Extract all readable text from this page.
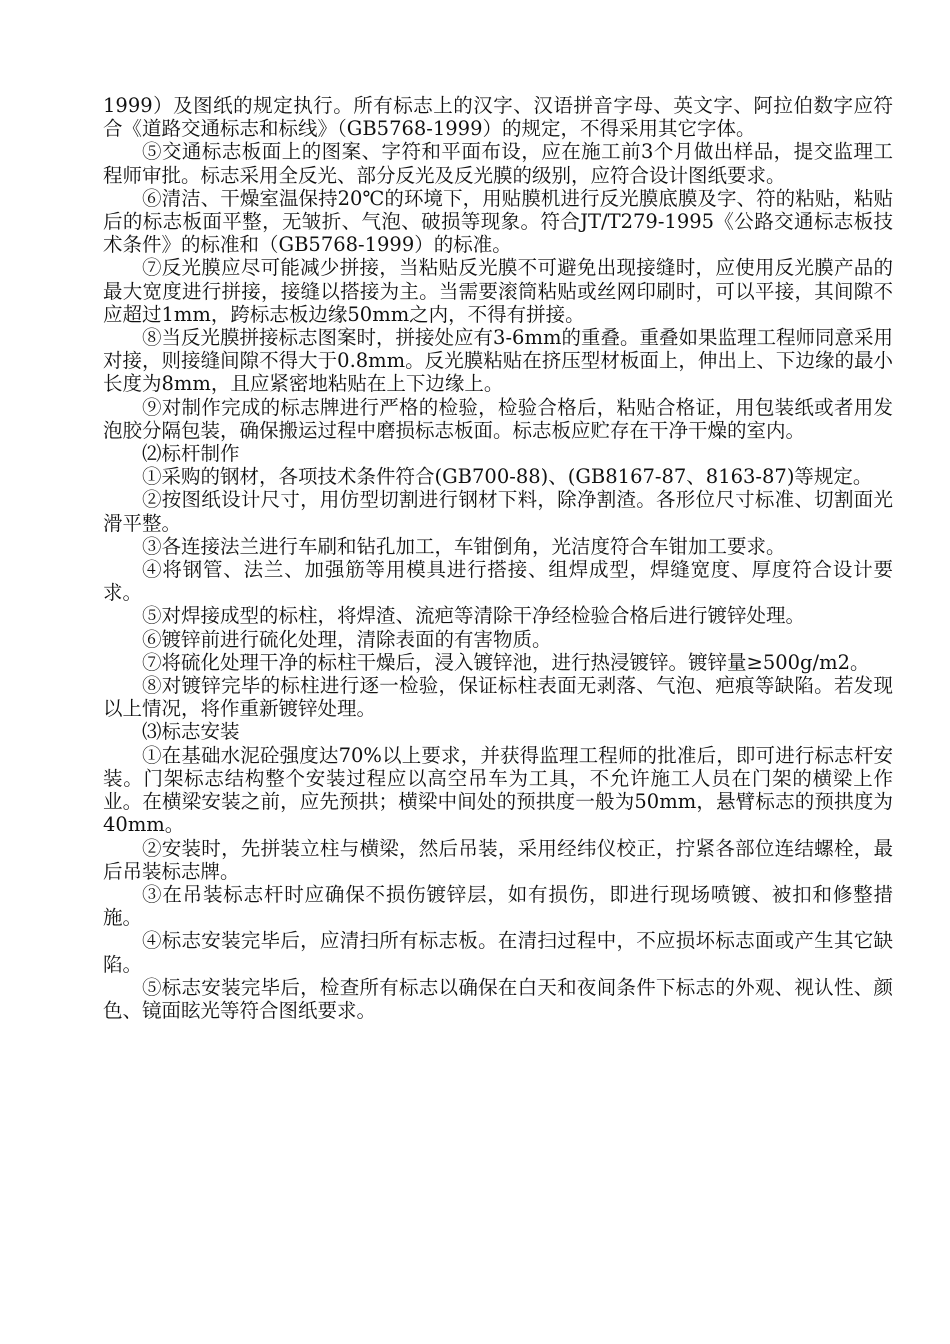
1999）及图纸的规定执行。所有标志上的汉字、汉语拼音字母、英文字、阿拉伯数字应符合《道路交通标志和标线》（GB5768-1999）的规定，不得采用其它字体。

⑤交通标志板面上的图案、字符和平面布设，应在施工前3个月做出样品，提交监理工程师审批。标志采用全反光、部分反光及反光膜的级别，应符合设计图纸要求。

⑥清洁、干燥室温保持20℃的环境下，用贴膜机进行反光膜底膜及字、符的粘贴，粘贴后的标志板面平整，无皱折、气泡、破损等现象。符合JT/T279-1995《公路交通标志板技术条件》的标准和（GB5768-1999）的标准。

⑦反光膜应尽可能减少拼接，当粘贴反光膜不可避免出现接缝时，应使用反光膜产品的最大宽度进行拼接，接缝以搭接为主。当需要滚筒粘贴或丝网印刷时，可以平接，其间隙不应超过1mm，跨标志板边缘50mm之内，不得有拼接。

⑧当反光膜拼接标志图案时，拼接处应有3-6mm的重叠。重叠如果监理工程师同意采用对接，则接缝间隙不得大于0.8mm。反光膜粘贴在挤压型材板面上，伸出上、下边缘的最小长度为8mm，且应紧密地粘贴在上下边缘上。

⑨对制作完成的标志牌进行严格的检验，检验合格后，粘贴合格证，用包装纸或者用发泡胶分隔包装，确保搬运过程中磨损标志板面。标志板应贮存在干净干燥的室内。

⑵标杆制作

①采购的钢材，各项技术条件符合(GB700-88)、(GB8167-87、8163-87)等规定。

②按图纸设计尺寸，用仿型切割进行钢材下料，除净割渣。各形位尺寸标准、切割面光滑平整。

③各连接法兰进行车刷和钻孔加工，车钳倒角，光洁度符合车钳加工要求。

④将钢管、法兰、加强筋等用模具进行搭接、组焊成型，焊缝宽度、厚度符合设计要求。

⑤对焊接成型的标柱，将焊渣、流疤等清除干净经检验合格后进行镀锌处理。

⑥镀锌前进行硫化处理，清除表面的有害物质。

⑦将硫化处理干净的标柱干燥后，浸入镀锌池，进行热浸镀锌。镀锌量≥500g/m2。

⑧对镀锌完毕的标柱进行逐一检验，保证标柱表面无剥落、气泡、疤痕等缺陷。若发现以上情况，将作重新镀锌处理。

⑶标志安装

①在基础水泥砼强度达70%以上要求，并获得监理工程师的批准后，即可进行标志杆安装。门架标志结构整个安装过程应以高空吊车为工具，不允许施工人员在门架的横梁上作业。在横梁安装之前，应先预拱；横梁中间处的预拱度一般为50mm，悬臂标志的预拱度为40mm。

②安装时，先拼装立柱与横梁，然后吊装，采用经纬仪校正，拧紧各部位连结螺栓，最后吊装标志牌。

③在吊装标志杆时应确保不损伤镀锌层，如有损伤，即进行现场喷镀、被扣和修整措施。

④标志安装完毕后，应清扫所有标志板。在清扫过程中，不应损坏标志面或产生其它缺陷。

⑤标志安装完毕后，检查所有标志以确保在白天和夜间条件下标志的外观、视认性、颜色、镜面眩光等符合图纸要求。
